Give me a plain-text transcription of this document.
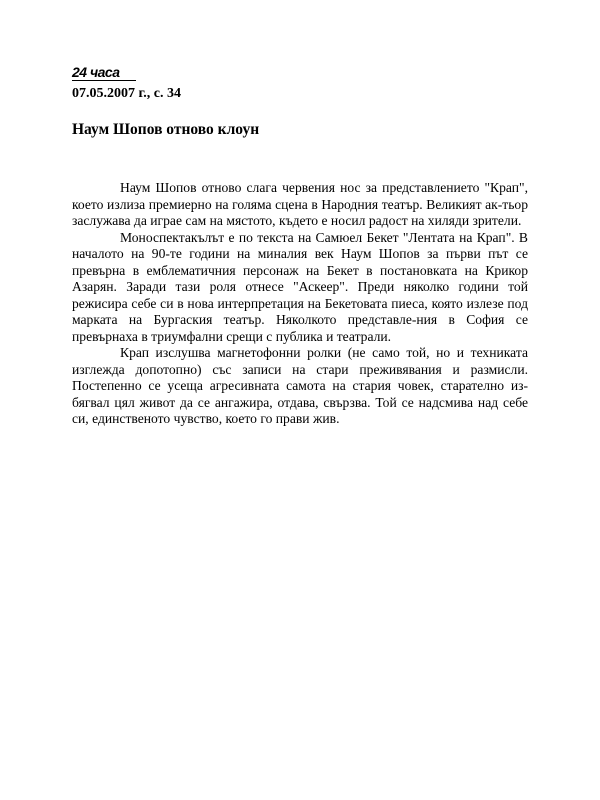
24 часа
07.05.2007 г., с. 34
Наум Шопов отново клоун

Наум Шопов отново слага червения нос за представлението "Крап", което излиза премиерно на голяма сцена в Народния театър. Великият ак-тьор заслужава да играе сам на мястото, където е носил радост на хиляди зрители.

Моноспектакълът е по текста на Самюел Бекет "Лентата на Крап". В началото на 90-те години на миналия век Наум Шопов за първи път се превърна в емблематичния персонаж на Бекет в постановката на Крикор Азарян. Заради тази роля отнесе "Аскеер". Преди няколко години той режисира себе си в нова интерпретация на Бекетовата пиеса, която излезе под марката на Бургаския театър. Няколкото представле-ния в София се превърнаха в триумфални срещи с публика и театрали.

Крап изслушва магнетофонни ролки (не само той, но и техниката изглежда допотопно) със записи на стари преживявания и размисли. Постепенно се усеща агресивната самота на стария човек, старателно из-бягвал цял живот да се ангажира, отдава, свързва. Той се надсмива над себе си, единственото чувство, което го прави жив.
